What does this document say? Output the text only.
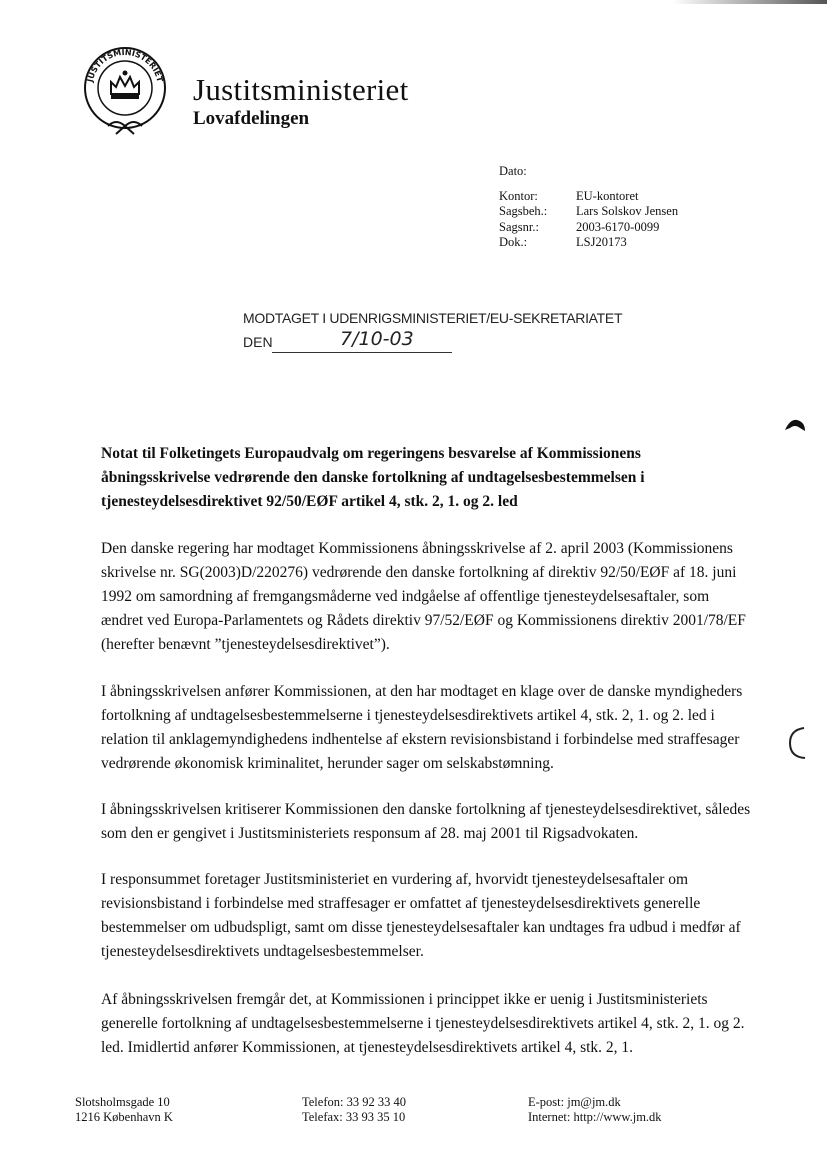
JUSTITSMINISTERIET Justitsministeriet
Lovafdelingen
Dato:
Kontor:	EU-kontoret
Sagsbeh.:	Lars Solskov Jensen
Sagsnr.:	2003-6170-0099
Dok.:	LSJ20173
MODTAGET I UDENRIGSMINISTERIET/EU-SEKRETARIATET
DEN	7/10-03
Notat til Folketingets Europaudvalg om regeringens besvarelse af Kommissionens åbningsskrivelse vedrørende den danske fortolkning af undtagelsesbestemmelsen i tjenesteydelsesdirektivet 92/50/EØF artikel 4, stk. 2, 1. og 2. led
Den danske regering har modtaget Kommissionens åbningsskrivelse af 2. april 2003 (Kommissionens skrivelse nr. SG(2003)D/220276) vedrørende den danske fortolkning af direktiv 92/50/EØF af 18. juni 1992 om samordning af fremgangsmåderne ved indgåelse af offentlige tjenesteydelsesaftaler, som ændret ved Europa-Parlamentets og Rådets direktiv 97/52/EØF og Kommissionens direktiv 2001/78/EF (herefter benævnt ”tjenesteydelsesdirektivet”).
I åbningsskrivelsen anfører Kommissionen, at den har modtaget en klage over de danske myndigheders fortolkning af undtagelsesbestemmelserne i tjenesteydelsesdirektivets artikel 4, stk. 2, 1. og 2. led i relation til anklagemyndighedens indhentelse af ekstern revisionsbistand i forbindelse med straffesager vedrørende økonomisk kriminalitet, herunder sager om selskabstømning.
I åbningsskrivelsen kritiserer Kommissionen den danske fortolkning af tjenesteydelsesdirektivet, således som den er gengivet i Justitsministeriets responsum af 28. maj 2001 til Rigsadvokaten.
I responsummet foretager Justitsministeriet en vurdering af, hvorvidt tjenesteydelsesaftaler om revisionsbistand i forbindelse med straffesager er omfattet af tjenesteydelsesdirektivets generelle bestemmelser om udbudspligt, samt om disse tjenesteydelsesaftaler kan undtages fra udbud i medfør af tjenesteydelsesdirektivets undtagelsesbestemmelser.
Af åbningsskrivelsen fremgår det, at Kommissionen i princippet ikke er uenig i Justitsministeriets generelle fortolkning af undtagelsesbestemmelserne i tjenesteydelsesdirektivets artikel 4, stk. 2, 1. og 2. led. Imidlertid anfører Kommissionen, at tjenesteydelsesdirektivets artikel 4, stk. 2, 1.
Slotsholmsgade 10
1216 København K
Telefon: 33 92 33 40
Telefax: 33 93 35 10
E-post: jm@jm.dk
Internet: http://www.jm.dk
